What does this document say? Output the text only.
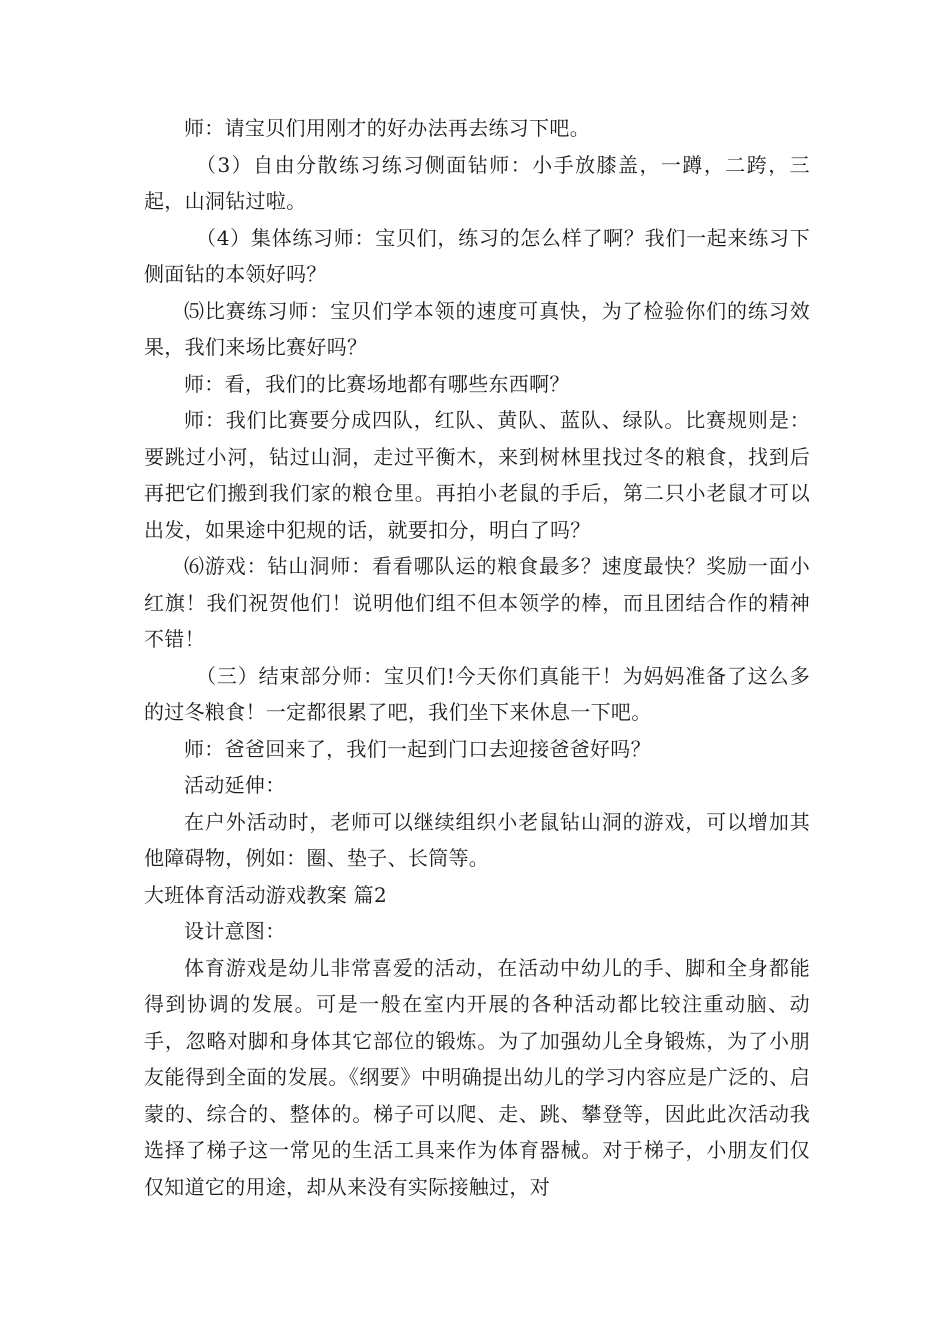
师：请宝贝们用刚才的好办法再去练习下吧。

（3）自由分散练习练习侧面钻师：小手放膝盖，一蹲，二跨，三起，山洞钻过啦。

（4）集体练习师：宝贝们，练习的怎么样了啊？我们一起来练习下侧面钻的本领好吗？

⑸比赛练习师：宝贝们学本领的速度可真快，为了检验你们的练习效果，我们来场比赛好吗？

师：看，我们的比赛场地都有哪些东西啊？

师：我们比赛要分成四队，红队、黄队、蓝队、绿队。比赛规则是：要跳过小河，钻过山洞，走过平衡木，来到树林里找过冬的粮食，找到后再把它们搬到我们家的粮仓里。再拍小老鼠的手后，第二只小老鼠才可以出发，如果途中犯规的话，就要扣分，明白了吗？

⑹游戏：钻山洞师：看看哪队运的粮食最多？速度最快？奖励一面小红旗！我们祝贺他们！说明他们组不但本领学的棒，而且团结合作的精神不错！

（三）结束部分师：宝贝们!今天你们真能干！为妈妈准备了这么多的过冬粮食！一定都很累了吧，我们坐下来休息一下吧。

师：爸爸回来了，我们一起到门口去迎接爸爸好吗？

活动延伸：

在户外活动时，老师可以继续组织小老鼠钻山洞的游戏，可以增加其他障碍物，例如：圈、垫子、长筒等。

大班体育活动游戏教案 篇2

设计意图：

体育游戏是幼儿非常喜爱的活动，在活动中幼儿的手、脚和全身都能得到协调的发展。可是一般在室内开展的各种活动都比较注重动脑、动手，忽略对脚和身体其它部位的锻炼。为了加强幼儿全身锻炼，为了小朋友能得到全面的发展。《纲要》中明确提出幼儿的学习内容应是广泛的、启蒙的、综合的、整体的。梯子可以爬、走、跳、攀登等，因此此次活动我选择了梯子这一常见的生活工具来作为体育器械。对于梯子，小朋友们仅仅知道它的用途，却从来没有实际接触过，对
